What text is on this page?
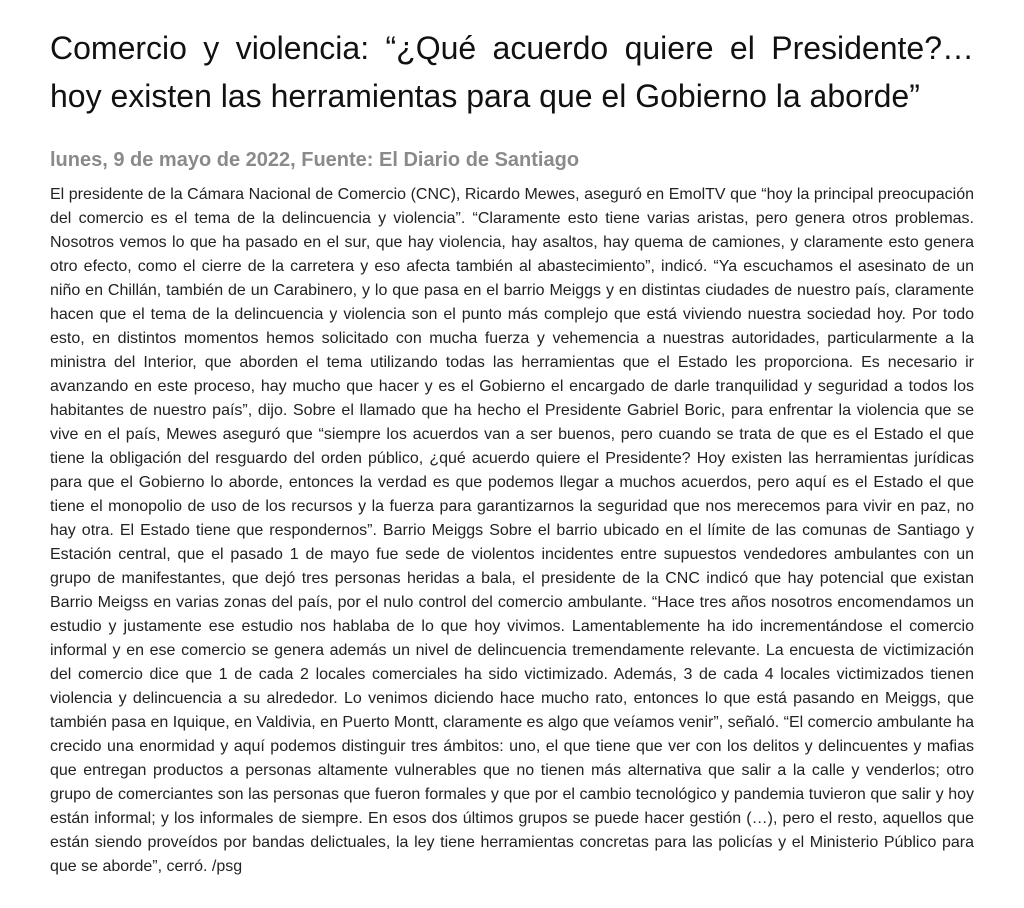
Comercio y violencia: “¿Qué acuerdo quiere el Presidente?… hoy existen las herramientas para que el Gobierno la aborde”
lunes, 9 de mayo de 2022, Fuente: El Diario de Santiago

El presidente de la Cámara Nacional de Comercio (CNC), Ricardo Mewes, aseguró en EmolTV que “hoy la principal preocupación del comercio es el tema de la delincuencia y violencia”. “Claramente esto tiene varias aristas, pero genera otros problemas. Nosotros vemos lo que ha pasado en el sur, que hay violencia, hay asaltos, hay quema de camiones, y claramente esto genera otro efecto, como el cierre de la carretera y eso afecta también al abastecimiento”, indicó. “Ya escuchamos el asesinato de un niño en Chillán, también de un Carabinero, y lo que pasa en el barrio Meiggs y en distintas ciudades de nuestro país, claramente hacen que el tema de la delincuencia y violencia son el punto más complejo que está viviendo nuestra sociedad hoy. Por todo esto, en distintos momentos hemos solicitado con mucha fuerza y vehemencia a nuestras autoridades, particularmente a la ministra del Interior, que aborden el tema utilizando todas las herramientas que el Estado les proporciona. Es necesario ir avanzando en este proceso, hay mucho que hacer y es el Gobierno el encargado de darle tranquilidad y seguridad a todos los habitantes de nuestro país”, dijo. Sobre el llamado que ha hecho el Presidente Gabriel Boric, para enfrentar la violencia que se vive en el país, Mewes aseguró que “siempre los acuerdos van a ser buenos, pero cuando se trata de que es el Estado el que tiene la obligación del resguardo del orden público, ¿qué acuerdo quiere el Presidente? Hoy existen las herramientas jurídicas para que el Gobierno lo aborde, entonces la verdad es que podemos llegar a muchos acuerdos, pero aquí es el Estado el que tiene el monopolio de uso de los recursos y la fuerza para garantizarnos la seguridad que nos merecemos para vivir en paz, no hay otra. El Estado tiene que respondernos”. Barrio Meiggs Sobre el barrio ubicado en el límite de las comunas de Santiago y Estación central, que el pasado 1 de mayo fue sede de violentos incidentes entre supuestos vendedores ambulantes con un grupo de manifestantes, que dejó tres personas heridas a bala, el presidente de la CNC indicó que hay potencial que existan Barrio Meigss en varias zonas del país, por el nulo control del comercio ambulante. “Hace tres años nosotros encomendamos un estudio y justamente ese estudio nos hablaba de lo que hoy vivimos. Lamentablemente ha ido incrementándose el comercio informal y en ese comercio se genera además un nivel de delincuencia tremendamente relevante. La encuesta de victimización del comercio dice que 1 de cada 2 locales comerciales ha sido victimizado. Además, 3 de cada 4 locales victimizados tienen violencia y delincuencia a su alrededor. Lo venimos diciendo hace mucho rato, entonces lo que está pasando en Meiggs, que también pasa en Iquique, en Valdivia, en Puerto Montt, claramente es algo que veíamos venir”, señaló. “El comercio ambulante ha crecido una enormidad y aquí podemos distinguir tres ámbitos: uno, el que tiene que ver con los delitos y delincuentes y mafias que entregan productos a personas altamente vulnerables que no tienen más alternativa que salir a la calle y venderlos; otro grupo de comerciantes son las personas que fueron formales y que por el cambio tecnológico y pandemia tuvieron que salir y hoy están informal; y los informales de siempre. En esos dos últimos grupos se puede hacer gestión (…), pero el resto, aquellos que están siendo proveídos por bandas delictuales, la ley tiene herramientas concretas para las policías y el Ministerio Público para que se aborde”, cerró. /psg
